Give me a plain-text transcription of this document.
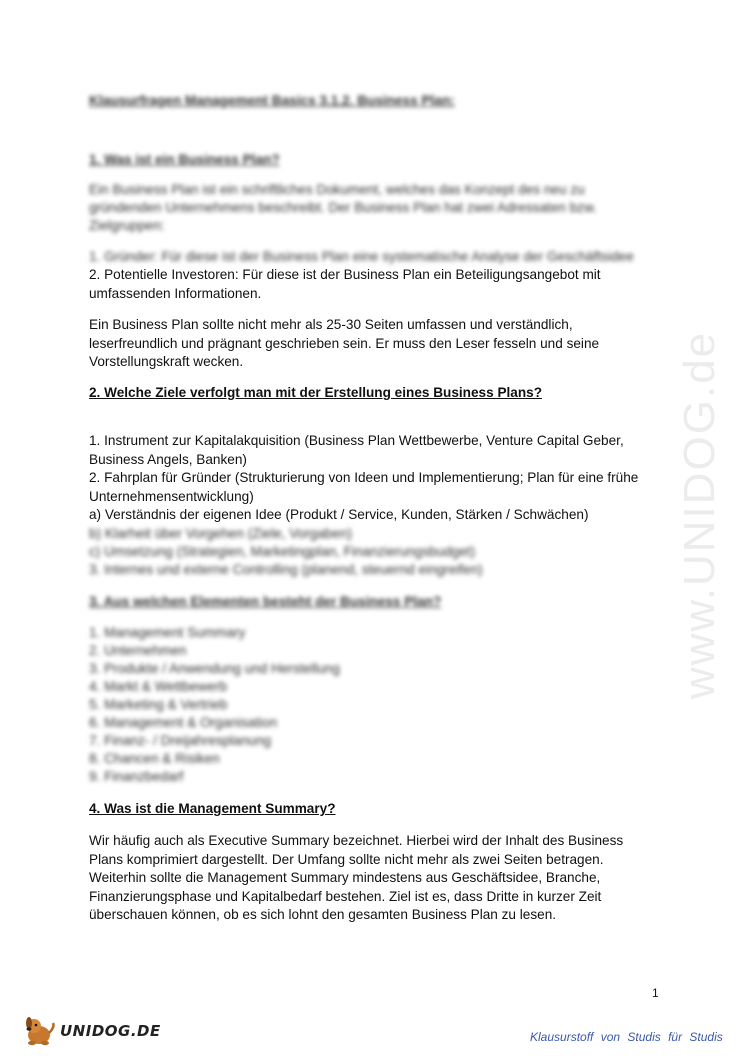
Klausurfragen Management Basics 3.1.2. Business Plan:
1. Was ist ein Business Plan?
Ein Business Plan ist ein schriftliches Dokument, welches das Konzept des neu zu
gründenden Unternehmens beschreibt. Der Business Plan hat zwei Adressaten bzw.
Zielgruppen:
1. Gründer: Für diese ist der Business Plan eine systematische Analyse der Geschäftsidee
2. Potentielle Investoren: Für diese ist der Business Plan ein Beteiligungsangebot mit
umfassenden Informationen.
Ein Business Plan sollte nicht mehr als 25-30 Seiten umfassen und verständlich,
leserfreundlich und prägnant geschrieben sein. Er muss den Leser fesseln und seine
Vorstellungskraft wecken.
2. Welche Ziele verfolgt man mit der Erstellung eines Business Plans?
1. Instrument zur Kapitalakquisition (Business Plan Wettbewerbe, Venture Capital Geber,
Business Angels, Banken)
2. Fahrplan für Gründer (Strukturierung von Ideen und Implementierung; Plan für eine frühe
Unternehmensentwicklung)
a) Verständnis der eigenen Idee (Produkt / Service, Kunden, Stärken / Schwächen)
b) Klarheit über Vorgehen (Ziele, Vorgaben)
c) Umsetzung (Strategien, Marketingplan, Finanzierungsbudget)
3. Internes und externe Controlling (planend, steuernd eingreifen)
3. Aus welchen Elementen besteht der Business Plan?
1. Management Summary
2. Unternehmen
3. Produkte / Anwendung und Herstellung
4. Markt & Wettbewerb
5. Marketing & Vertrieb
6. Management & Organisation
7. Finanz- / Dreijahresplanung
8. Chancen & Risiken
9. Finanzbedarf
4. Was ist die Management Summary?
Wir häufig auch als Executive Summary bezeichnet. Hierbei wird der Inhalt des Business
Plans komprimiert dargestellt. Der Umfang sollte nicht mehr als zwei Seiten betragen.
Weiterhin sollte die Management Summary mindestens aus Geschäftsidee, Branche,
Finanzierungsphase und Kapitalbedarf bestehen. Ziel ist es, dass Dritte in kurzer Zeit
überschauen können, ob es sich lohnt den gesamten Business Plan zu lesen.
www.UNIDOG.de
1
UNIDOG.DE	Klausurstoff von Studis für Studis
